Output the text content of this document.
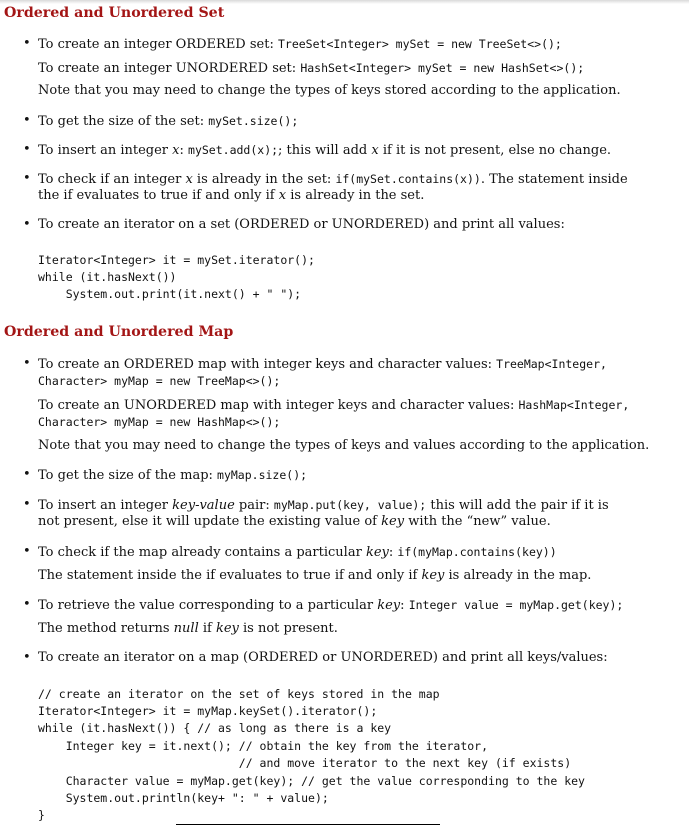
Ordered and Unordered Set
• To create an integer ORDERED set: TreeSet<Integer> mySet = new TreeSet<>();
To create an integer UNORDERED set: HashSet<Integer> mySet = new HashSet<>();
Note that you may need to change the types of keys stored according to the application.
• To get the size of the set: mySet.size();
• To insert an integer x: mySet.add(x);; this will add x if it is not present, else no change.
• To check if an integer x is already in the set: if(mySet.contains(x)). The statement inside
the if evaluates to true if and only if x is already in the set.
• To create an iterator on a set (ORDERED or UNORDERED) and print all values:
Iterator<Integer> it = mySet.iterator();
while (it.hasNext())
System.out.print(it.next() + " ");
Ordered and Unordered Map
• To create an ORDERED map with integer keys and character values: TreeMap<Integer,
Character> myMap = new TreeMap<>();
To create an UNORDERED map with integer keys and character values: HashMap<Integer,
Character> myMap = new HashMap<>();
Note that you may need to change the types of keys and values according to the application.
• To get the size of the map: myMap.size();
• To insert an integer key-value pair: myMap.put(key, value); this will add the pair if it is
not present, else it will update the existing value of key with the “new” value.
• To check if the map already contains a particular key: if(myMap.contains(key))
The statement inside the if evaluates to true if and only if key is already in the map.
• To retrieve the value corresponding to a particular key: Integer value = myMap.get(key);
The method returns null if key is not present.
• To create an iterator on a map (ORDERED or UNORDERED) and print all keys/values:
// create an iterator on the set of keys stored in the map
Iterator<Integer> it = myMap.keySet().iterator();
while (it.hasNext()) { // as long as there is a key
Integer key = it.next(); // obtain the key from the iterator,
// and move iterator to the next key (if exists)
Character value = myMap.get(key); // get the value corresponding to the key
System.out.println(key+ ": " + value);
}
